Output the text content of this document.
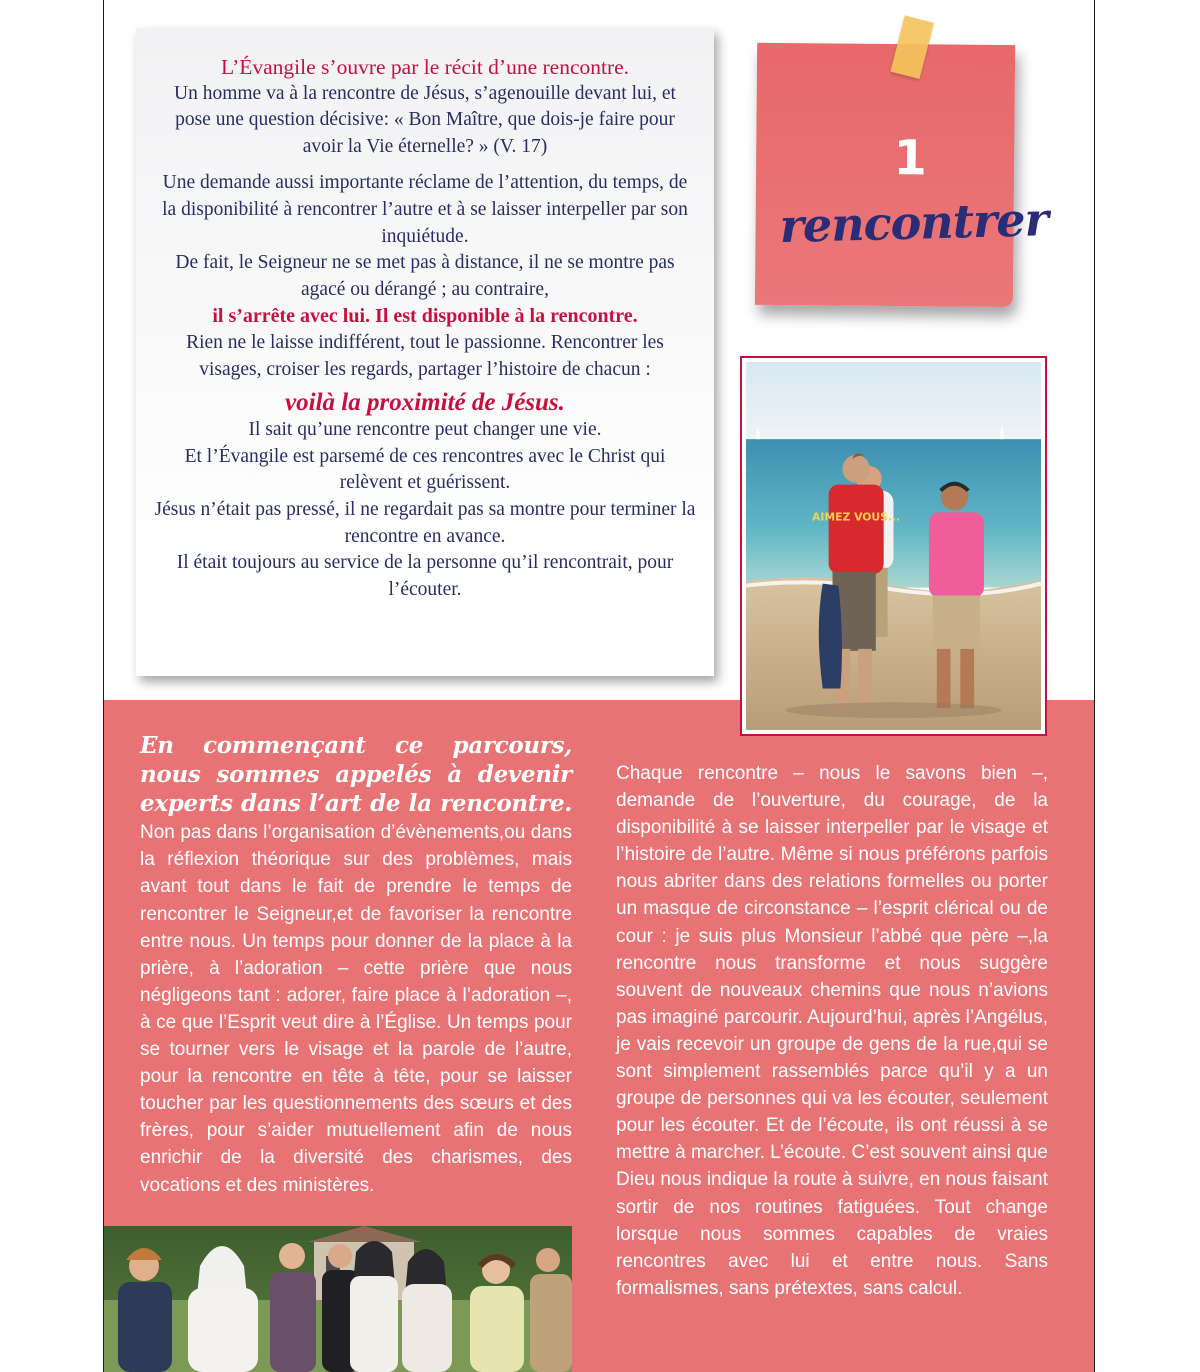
L’Évangile s’ouvre par le récit d’une rencontre.

Un homme va à la rencontre de Jésus, s’agenouille devant lui, et pose une question décisive: « Bon Maître, que dois-je faire pour avoir la Vie éternelle? » (V. 17)

Une demande aussi importante réclame de l’attention, du temps, de la disponibilité à rencontrer l’autre et à se laisser interpeller par son inquiétude.

De fait, le Seigneur ne se met pas à distance, il ne se montre pas agacé ou dérangé ; au contraire,

il s’arrête avec lui. Il est disponible à la rencontre.

Rien ne le laisse indifférent, tout le passionne. Rencontrer les visages, croiser les regards, partager l’histoire de chacun :

voilà la proximité de Jésus.

Il sait qu’une rencontre peut changer une vie.

Et l’Évangile est parsemé de ces rencontres avec le Christ qui relèvent et guérissent.

Jésus n’était pas pressé, il ne regardait pas sa montre pour terminer la rencontre en avance.

Il était toujours au service de la personne qu’il rencontrait, pour l’écouter.

1
rencontrer
AIMEZ VOUS...

En commençant ce parcours, nous sommes appelés à devenir experts dans l’art de la rencontre. Non pas dans l’organisation d’évènements,ou dans la réflexion théorique sur des problèmes, mais avant tout dans le fait de prendre le temps de rencontrer le Seigneur,et de favoriser la rencontre entre nous. Un temps pour donner de la place à la prière, à l’adoration – cette prière que nous négligeons tant : adorer, faire place à l’adoration –, à ce que l’Esprit veut dire à l’Église. Un temps pour se tourner vers le visage et la parole de l’autre, pour la rencontre en tête à tête, pour se laisser toucher par les questionnements des sœurs et des frères, pour s’aider mutuellement afin de nous enrichir de la diversité des charismes, des vocations et des ministères.

Chaque rencontre – nous le savons bien –, demande de l’ouverture, du courage, de la disponibilité à se laisser interpeller par le visage et l’histoire de l’autre. Même si nous préférons parfois nous abriter dans des relations formelles ou porter un masque de circonstance – l’esprit clérical ou de cour : je suis plus Monsieur l’abbé que père –,la rencontre nous transforme et nous suggère souvent de nouveaux chemins que nous n’avions pas imaginé parcourir. Aujourd’hui, après l’Angélus, je vais recevoir un groupe de gens de la rue,qui se sont simplement rassemblés parce qu’il y a un groupe de personnes qui va les écouter, seulement pour les écouter. Et de l’écoute, ils ont réussi à se mettre à marcher. L’écoute. C’est souvent ainsi que Dieu nous indique la route à suivre, en nous faisant sortir de nos routines fatiguées. Tout change lorsque nous sommes capables de vraies rencontres avec lui et entre nous. Sans formalismes, sans prétextes, sans calcul.
